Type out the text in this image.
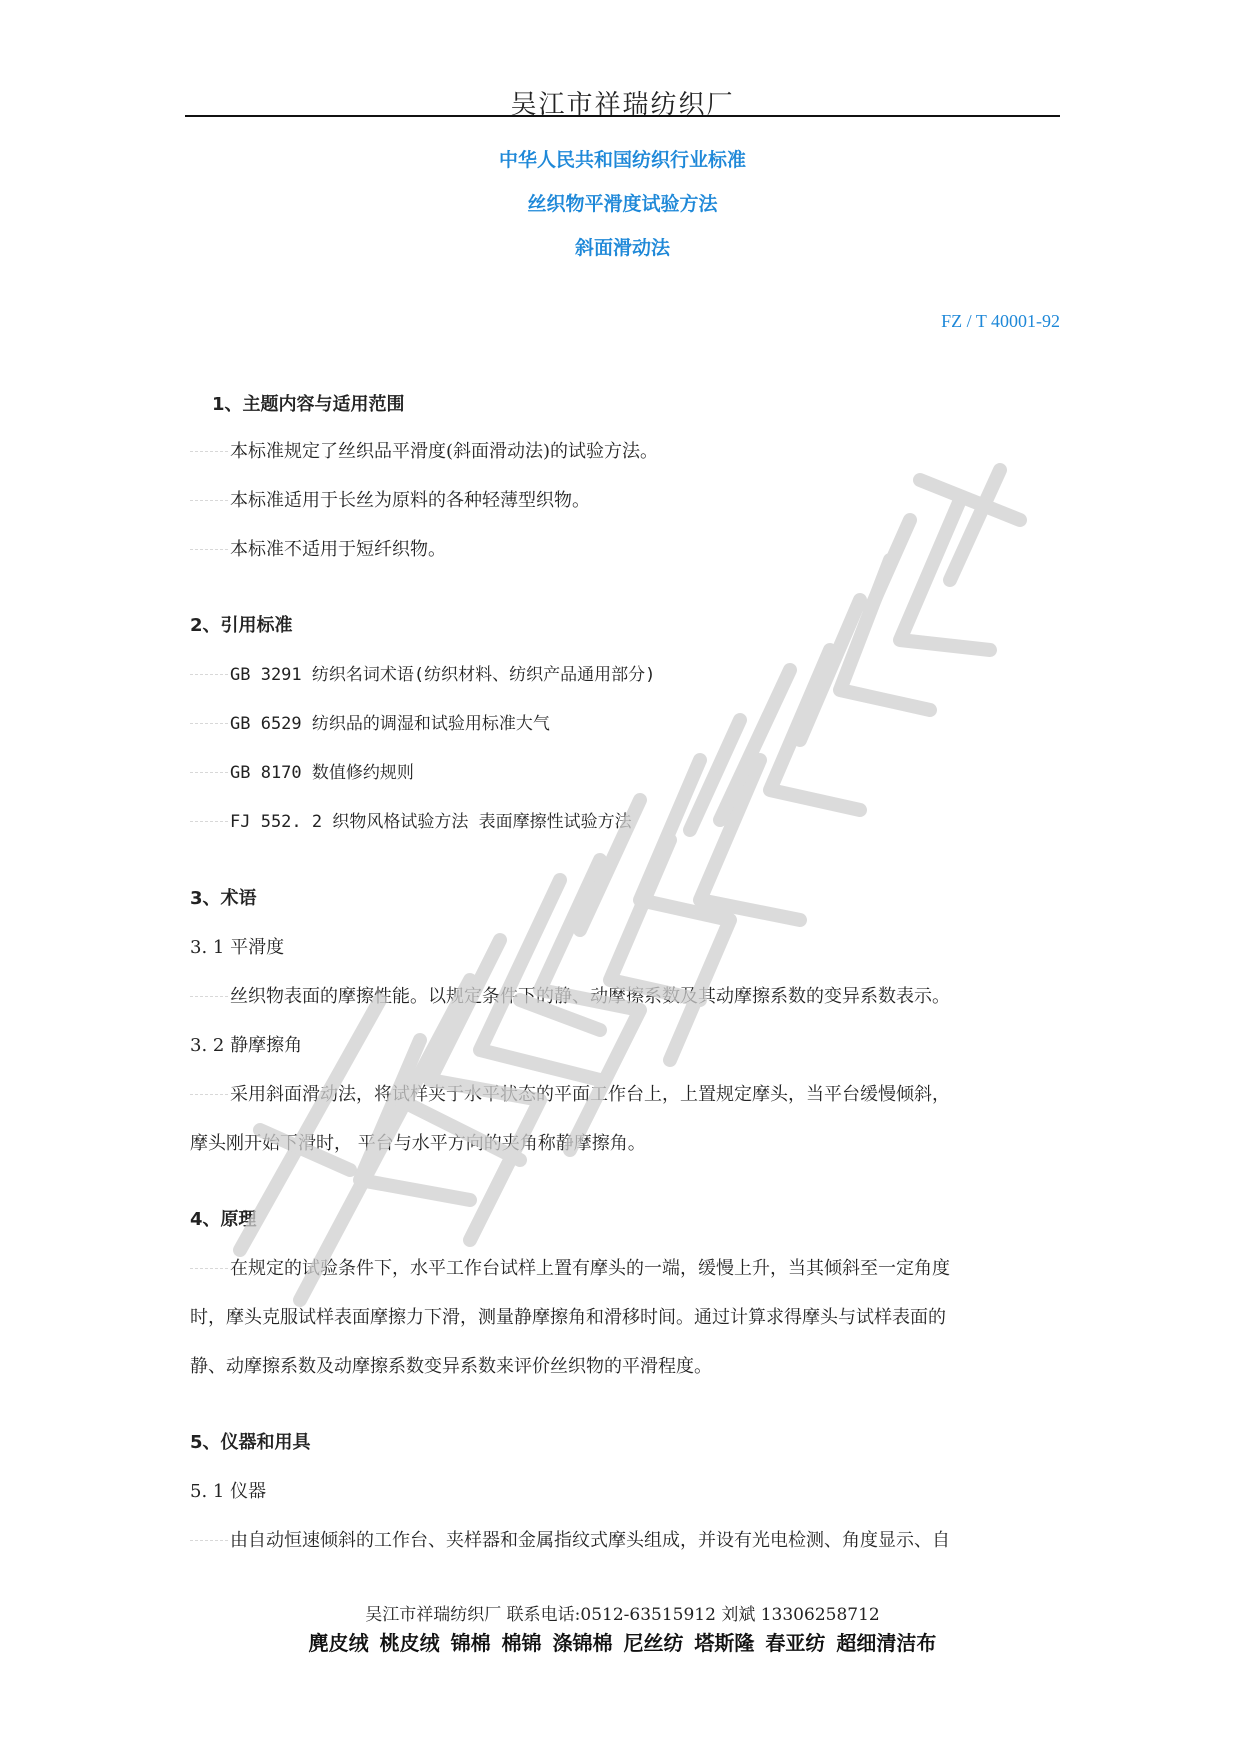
吴江市祥瑞纺织厂
中华人民共和国纺织行业标准
丝织物平滑度试验方法
斜面滑动法
FZ / T 40001-92
1、主题内容与适用范围
本标准规定了丝织品平滑度(斜面滑动法)的试验方法。
本标准适用于长丝为原料的各种轻薄型织物。
本标准不适用于短纤织物。
2、引用标准
GB 3291 纺织名词术语(纺织材料、纺织产品通用部分)
GB 6529 纺织品的调湿和试验用标准大气
GB 8170 数值修约规则
FJ 552. 2 织物风格试验方法 表面摩擦性试验方法
3、术语
3. 1 平滑度
丝织物表面的摩擦性能。以规定条件下的静、动摩擦系数及其动摩擦系数的变异系数表示。
3. 2 静摩擦角
采用斜面滑动法，将试样夹于水平状态的平面工作台上，上置规定摩头，当平台缓慢倾斜，
摩头刚开始下滑时， 平台与水平方向的夹角称静摩擦角。
4、原理
在规定的试验条件下，水平工作台试样上置有摩头的一端，缓慢上升，当其倾斜至一定角度
时，摩头克服试样表面摩擦力下滑，测量静摩擦角和滑移时间。通过计算求得摩头与试样表面的
静、动摩擦系数及动摩擦系数变异系数来评价丝织物的平滑程度。
5、仪器和用具
5. 1 仪器
由自动恒速倾斜的工作台、夹样器和金属指纹式摩头组成，并设有光电检测、角度显示、自
吴江市祥瑞纺织厂 联系电话:0512-63515912 刘斌 13306258712
麂皮绒 桃皮绒 锦棉 棉锦 涤锦棉 尼丝纺 塔斯隆 春亚纺 超细清洁布
